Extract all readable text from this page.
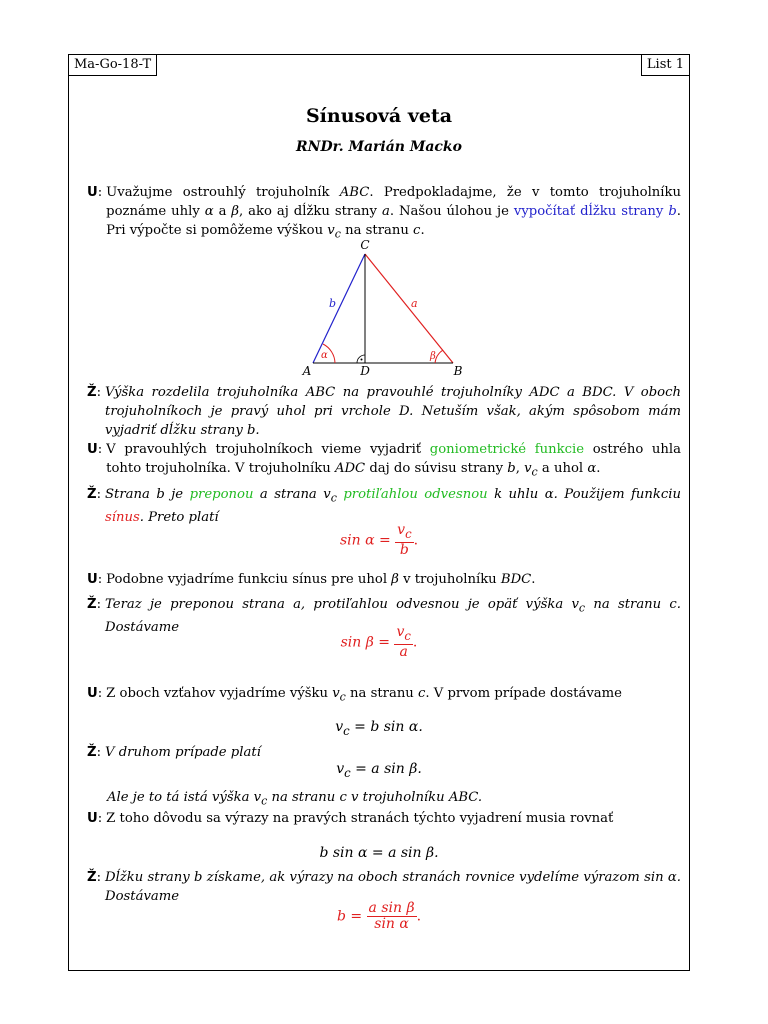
Ma-Go-18-T	List 1
Sínusová veta
RNDr. Marián Macko
U : Uvažujme ostrouhlý trojuholník ABC. Predpokladajme, že v tomto trojuholníku poznáme uhly α a β, ako aj dĺžku strany a. Našou úlohou je vypočítať dĺžku strany b. Pri výpočte si pomôžeme výškou $v_c$ na stranu c.
C
A	B
D
b	a
α	β
Ž : Výška rozdelila trojuholníka ABC na pravouhlé trojuholníky ADC a BDC. V oboch trojuholníkoch je pravý uhol pri vrchole D. Netuším však, akým spôsobom mám vyjadriť dĺžku strany b.
U : V pravouhlých trojuholníkoch vieme vyjadriť goniometrické funkcie ostrého uhla tohto trojuholníka. V trojuholníku ADC daj do súvisu strany b, $v_c$ a uhol α.
Ž : Strana b je preponou a strana $v_c$ protiľahlou odvesnou k uhlu α. Použijem funkciu sínus. Preto platí
$\sin \alpha = \frac{v_c}{b}$ .
U : Podobne vyjadríme funkciu sínus pre uhol β v trojuholníku BDC.
Ž : Teraz je preponou strana a, protiľahlou odvesnou je opäť výška $v_c$ na stranu c. Dostávame
$\sin \beta = \frac{v_c}{a}$ .
U : Z oboch vzťahov vyjadríme výšku $v_c$ na stranu c. V prvom prípade dostávame
$v_c = b$ sin α.
Ž : V druhom prípade platí
$v_c = a$ sin β.
Ale je to tá istá výška $v_c$ na stranu c v trojuholníku ABC.
U : Z toho dôvodu sa výrazy na pravých stranách týchto vyjadrení musia rovnať
b sin α = a sin β.
Ž : Dĺžku strany b získame, ak výrazy na oboch stranách rovnice vydelíme výrazom sin α. Dostávame
$b = \frac{\text{a sin β}}{\text{sin α}}$ .
